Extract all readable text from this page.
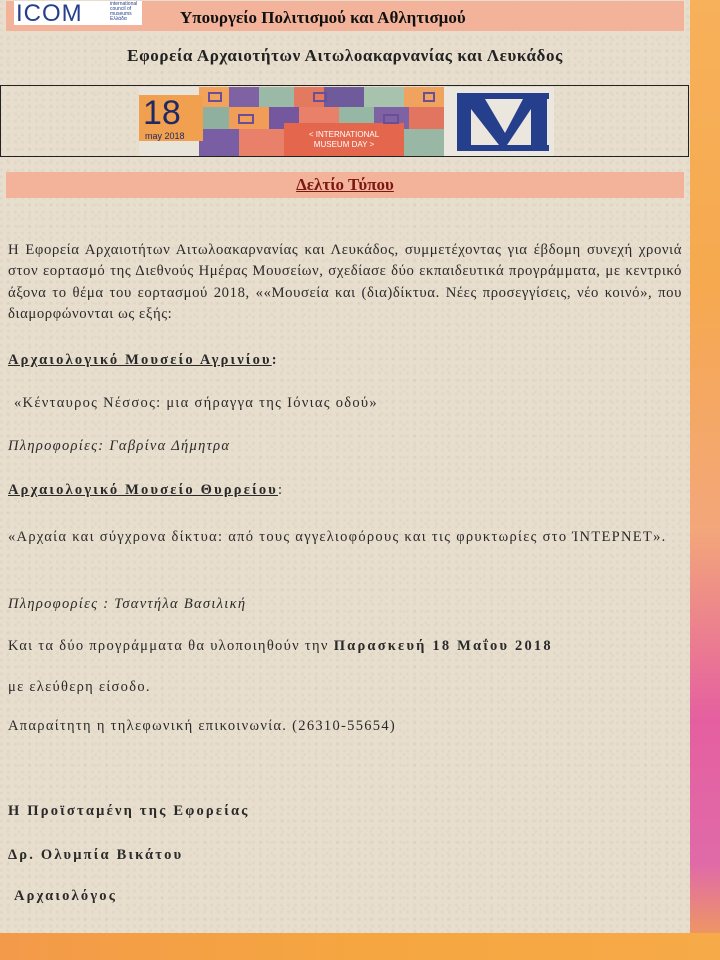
ICOM	international council of museums Ελλάδα	Υπουργείο Πολιτισμού και Αθλητισμού
Εφορεία Αρχαιοτήτων Αιτωλοακαρνανίας και Λευκάδος
18
may 2018	< INTERNATIONAL
MUSEUM DAY >
Δελτίο Τύπου
Η Εφορεία Αρχαιοτήτων Αιτωλοακαρνανίας και Λευκάδος, συμμετέχοντας για έβδομη συνεχή χρονιά στον εορτασμό της Διεθνούς Ημέρας Μουσείων, σχεδίασε δύο εκπαιδευτικά προγράμματα, με κεντρικό άξονα το θέμα του εορτασμού 2018, ««Μουσεία και (δια)δίκτυα. Νέες προσεγγίσεις, νέο κοινό», που διαμορφώνονται ως εξής:
Αρχαιολογικό Μουσείο Αγρινίου:
«Κένταυρος Νέσσος: μια σήραγγα της Ιόνιας οδού»
Πληροφορίες: Γαβρίνα Δήμητρα
Αρχαιολογικό Μουσείο Θυρρείου:
«Αρχαία και σύγχρονα δίκτυα: από τους αγγελιοφόρους και τις φρυκτωρίες στο ΊΝΤΕΡΝΕΤ».
Πληροφορίες : Τσαντήλα Βασιλική
Και τα δύο προγράμματα θα υλοποιηθούν την Παρασκευή 18 Μαΐου 2018
με ελεύθερη είσοδο.
Απαραίτητη η τηλεφωνική επικοινωνία. (26310-55654)
Η Προϊσταμένη της Εφορείας
Δρ. Ολυμπία Βικάτου
Αρχαιολόγος
